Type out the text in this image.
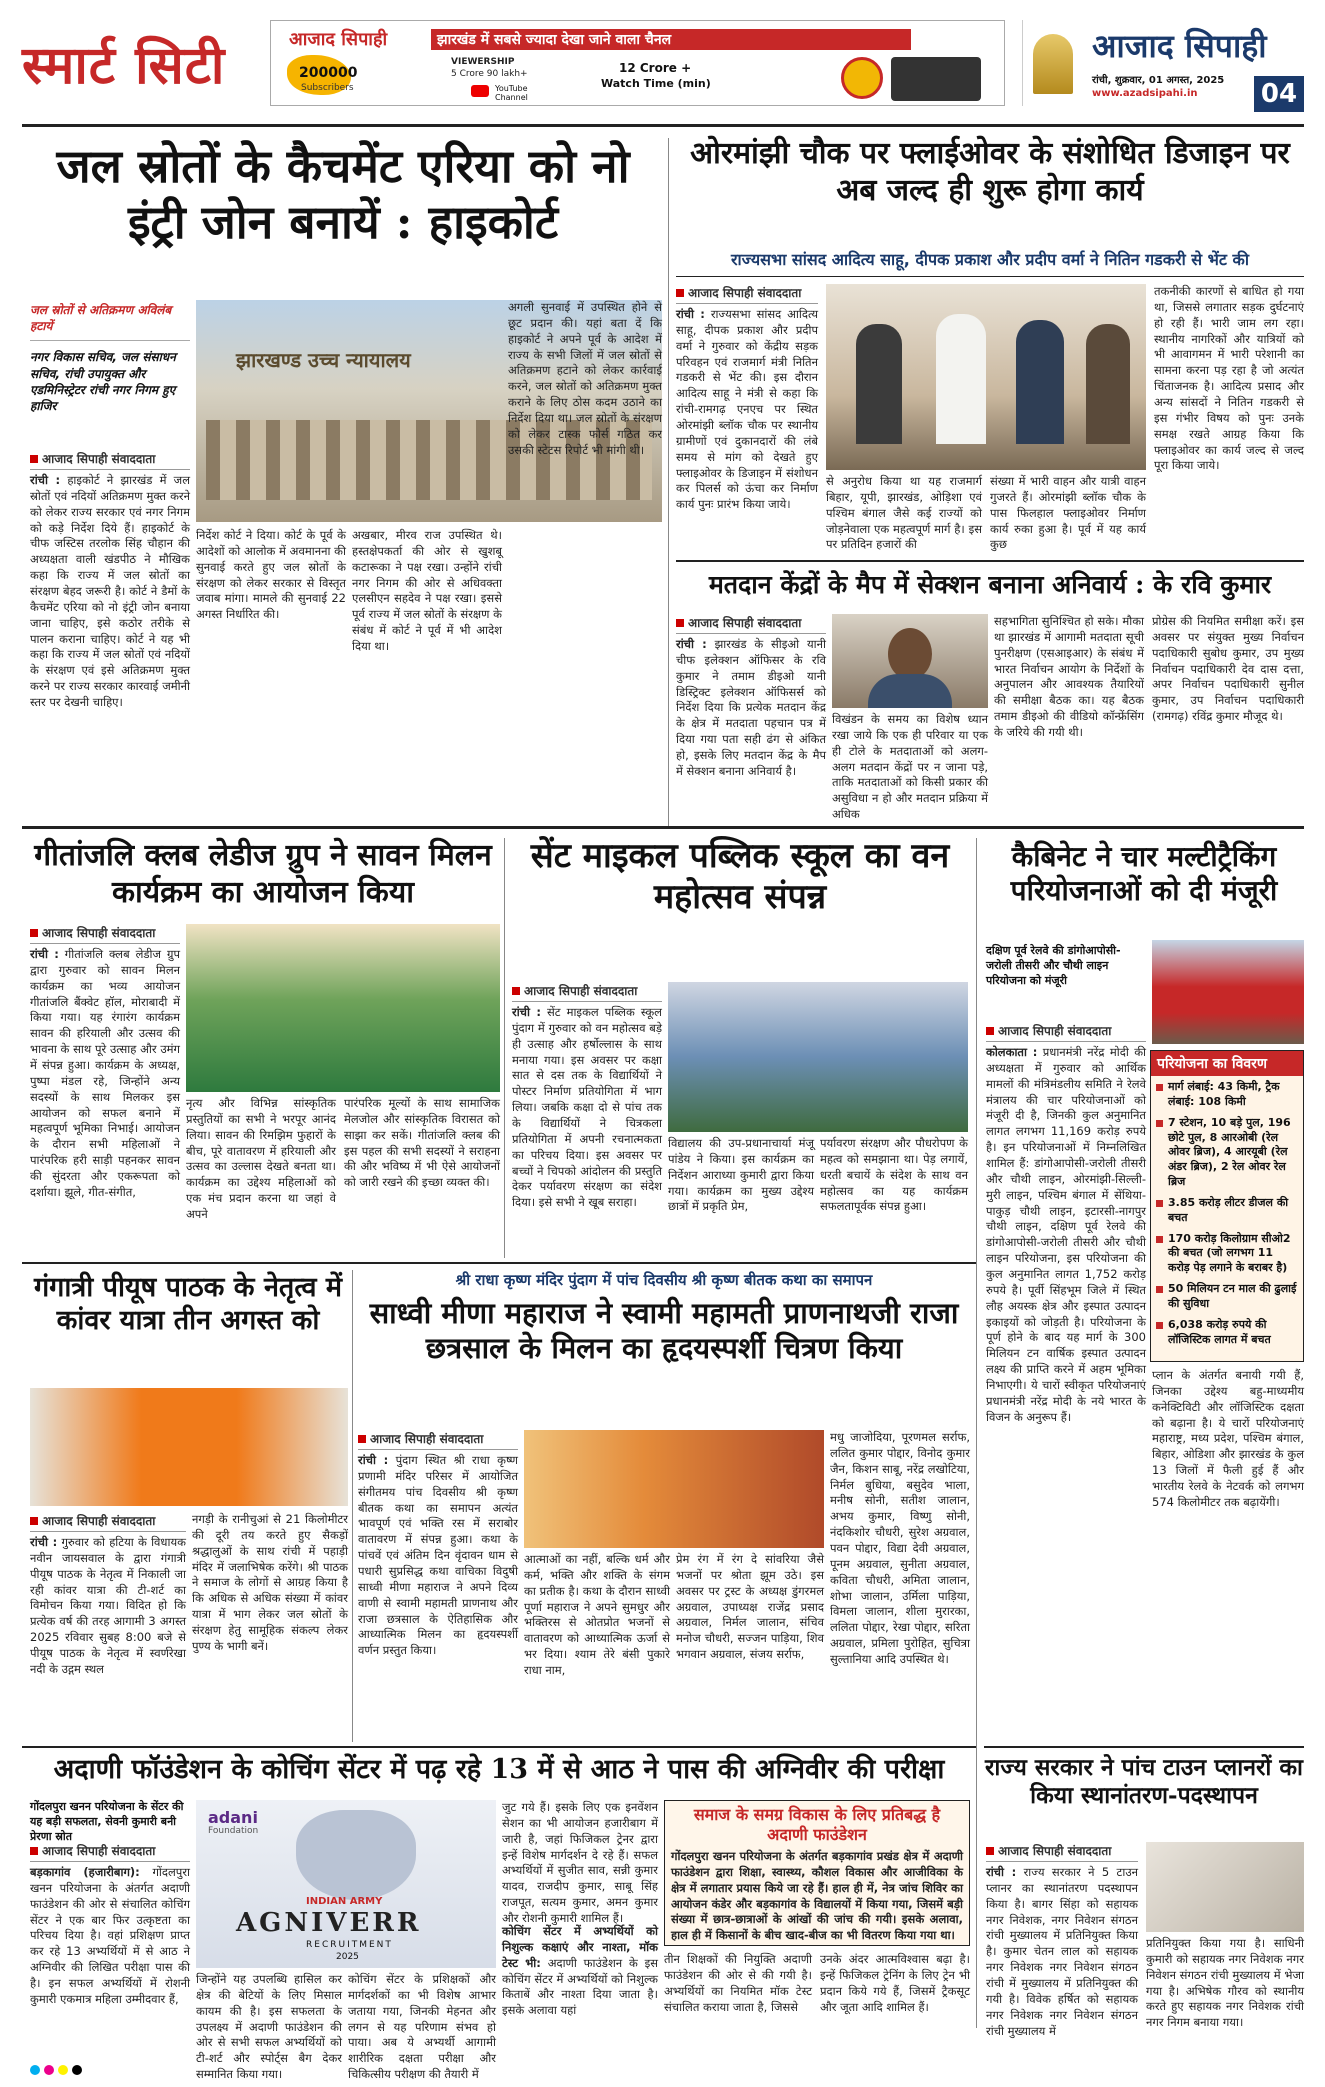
स्मार्ट सिटी	आजाद सिपाही	झारखंड में सबसे ज्यादा देखा जाने वाला चैनल
200000
Subscribers
VIEWERSHIP
5 Crore 90 lakh+
YouTube Channel
12 Crore +
Watch Time (min)
आजाद सिपाही
रांची, शुक्रवार, 01 अगस्त, 2025
www.azadsipahi.in 04
जल स्रोतों के कैचमेंट एरिया को नो इंट्री जोन बनायें : हाइकोर्ट
जल स्रोतों से अतिक्रमण अविलंब हटायें
नगर विकास सचिव, जल संसाधन सचिव, रांची उपायुक्त और एडमिनिस्ट्रेटर रांची नगर निगम हुए हाजिर
झारखण्ड उच्च न्यायालय
आजाद सिपाही संवाददाता
रांची : हाइकोर्ट ने झारखंड में जल स्रोतों एवं नदियों अतिक्रमण मुक्त करने को लेकर राज्य सरकार एवं नगर निगम को कड़े निर्देश दिये हैं। हाइकोर्ट के चीफ जस्टिस तरलोक सिंह चौहान की अध्यक्षता वाली खंडपीठ ने मौखिक कहा कि राज्य में जल स्रोतों का संरक्षण बेहद जरूरी है। कोर्ट ने डैमों के कैचमेंट एरिया को नो इंट्री जोन बनाया जाना चाहिए, इसे कठोर तरीके से पालन कराना चाहिए। कोर्ट ने यह भी कहा कि राज्य में जल स्रोतों एवं नदियों के संरक्षण एवं इसे अतिक्रमण मुक्त करने पर राज्य सरकार कारवाई जमीनी स्तर पर देखनी चाहिए।
निर्देश कोर्ट ने दिया। कोर्ट के पूर्व के आदेशों को आलोक में अवमानना की सुनवाई करते हुए जल स्रोतों के संरक्षण को लेकर सरकार से विस्तृत जवाब मांगा। मामले की सुनवाई 22 अगस्त निर्धारित की।
अखबार, मीरव राज उपस्थित थे। हस्तक्षेपकर्ता की ओर से खुशबू कटारूका ने पक्ष रखा। उन्होंने रांची नगर निगम की ओर से अधिवक्ता एलसीएन सहदेव ने पक्ष रखा। इससे पूर्व राज्य में जल स्रोतों के संरक्षण के संबंध में कोर्ट ने पूर्व में भी आदेश दिया था।
अगली सुनवाई में उपस्थित होने से छूट प्रदान की। यहां बता दें कि हाइकोर्ट ने अपने पूर्व के आदेश में राज्य के सभी जिलों में जल स्रोतों से अतिक्रमण हटाने को लेकर कार्रवाई करने, जल स्रोतों को अतिक्रमण मुक्त कराने के लिए ठोस कदम उठाने का निर्देश दिया था। जल स्रोतों के संरक्षण को लेकर टास्क फोर्स गठित कर उसकी स्टेटस रिपोर्ट भी मांगी थी।
ओरमांझी चौक पर फ्लाईओवर के संशोधित डिजाइन पर अब जल्द ही शुरू होगा कार्य
राज्यसभा सांसद आदित्य साहू, दीपक प्रकाश और प्रदीप वर्मा ने नितिन गडकरी से भेंट की
आजाद सिपाही संवाददाता
रांची : राज्यसभा सांसद आदित्य साहू, दीपक प्रकाश और प्रदीप वर्मा ने गुरुवार को केंद्रीय सड़क परिवहन एवं राजमार्ग मंत्री नितिन गडकरी से भेंट की। इस दौरान आदित्य साहू ने मंत्री से कहा कि रांची-रामगढ़ एनएच पर स्थित ओरमांझी ब्लॉक चौक पर स्थानीय ग्रामीणों एवं दुकानदारों की लंबे समय से मांग को देखते हुए फ्लाइओवर के डिजाइन में संशोधन कर पिलर्स को ऊंचा कर निर्माण कार्य पुनः प्रारंभ किया जाये।
से अनुरोध किया था यह राजमार्ग बिहार, यूपी, झारखंड, ओड़िशा एवं पश्चिम बंगाल जैसे कई राज्यों को जोड़नेवाला एक महत्वपूर्ण मार्ग है। इस पर प्रतिदिन हजारों की
संख्या में भारी वाहन और यात्री वाहन गुजरते हैं। ओरमांझी ब्लॉक चौक के पास फिलहाल फ्लाइओवर निर्माण कार्य रुका हुआ है। पूर्व में यह कार्य कुछ
तकनीकी कारणों से बाधित हो गया था, जिससे लगातार सड़क दुर्घटनाएं हो रही हैं। भारी जाम लग रहा। स्थानीय नागरिकों और यात्रियों को भी आवागमन में भारी परेशानी का सामना करना पड़ रहा है जो अत्यंत चिंताजनक है। आदित्य प्रसाद और अन्य सांसदों ने नितिन गडकरी से इस गंभीर विषय को पुनः उनके समक्ष रखते आग्रह किया कि फ्लाइओवर का कार्य जल्द से जल्द पूरा किया जाये।
मतदान केंद्रों के मैप में सेक्शन बनाना अनिवार्य : के रवि कुमार
आजाद सिपाही संवाददाता
रांची : झारखंड के सीइओ यानी चीफ इलेक्शन ऑफिसर के रवि कुमार ने तमाम डीइओ यानी डिस्ट्रिक्ट इलेक्शन ऑफिसर्स को निर्देश दिया कि प्रत्येक मतदान केंद्र के क्षेत्र में मतदाता पहचान पत्र में दिया गया पता सही ढंग से अंकित हो, इसके लिए मतदान केंद्र के मैप में सेक्शन बनाना अनिवार्य है।
विखंडन के समय का विशेष ध्यान रखा जाये कि एक ही परिवार या एक ही टोले के मतदाताओं को अलग-अलग मतदान केंद्रों पर न जाना पड़े, ताकि मतदाताओं को किसी प्रकार की असुविधा न हो और मतदान प्रक्रिया में अधिक
सहभागिता सुनिश्चित हो सके। मौका था झारखंड में आगामी मतदाता सूची पुनरीक्षण (एसआइआर) के संबंध में भारत निर्वाचन आयोग के निर्देशों के अनुपालन और आवश्यक तैयारियों की समीक्षा बैठक का। यह बैठक तमाम डीइओ की वीडियो कॉन्फ्रेंसिंग के जरिये की गयी थी।
प्रोग्रेस की नियमित समीक्षा करें। इस अवसर पर संयुक्त मुख्य निर्वाचन पदाधिकारी सुबोध कुमार, उप मुख्य निर्वाचन पदाधिकारी देव दास दत्ता, अपर निर्वाचन पदाधिकारी सुनील कुमार, उप निर्वाचन पदाधिकारी (रामगढ़) रविंद्र कुमार मौजूद थे।
गीतांजलि क्लब लेडीज ग्रुप ने सावन मिलन कार्यक्रम का आयोजन किया
आजाद सिपाही संवाददाता
रांची : गीतांजलि क्लब लेडीज ग्रुप द्वारा गुरुवार को सावन मिलन कार्यक्रम का भव्य आयोजन गीतांजलि बैंक्वेट हॉल, मोराबादी में किया गया। यह रंगारंग कार्यक्रम सावन की हरियाली और उत्सव की भावना के साथ पूरे उत्साह और उमंग में संपन्न हुआ। कार्यक्रम के अध्यक्ष, पुष्पा मंडल रहे, जिन्होंने अन्य सदस्यों के साथ मिलकर इस आयोजन को सफल बनाने में महत्वपूर्ण भूमिका निभाई। आयोजन के दौरान सभी महिलाओं ने पारंपरिक हरी साड़ी पहनकर सावन की सुंदरता और एकरूपता को दर्शाया। झूले, गीत-संगीत,
नृत्य और विभिन्न सांस्कृतिक प्रस्तुतियों का सभी ने भरपूर आनंद लिया। सावन की रिमझिम फुहारों के बीच, पूरे वातावरण में हरियाली और उत्सव का उल्लास देखते बनता था। कार्यक्रम का उद्देश्य महिलाओं को एक मंच प्रदान करना था जहां वे अपने
पारंपरिक मूल्यों के साथ सामाजिक मेलजोल और सांस्कृतिक विरासत को साझा कर सकें। गीतांजलि क्लब की इस पहल की सभी सदस्यों ने सराहना की और भविष्य में भी ऐसे आयोजनों को जारी रखने की इच्छा व्यक्त की।
सेंट माइकल पब्लिक स्कूल का वन महोत्सव संपन्न
आजाद सिपाही संवाददाता
रांची : सेंट माइकल पब्लिक स्कूल पुंदाग में गुरुवार को वन महोत्सव बड़े ही उत्साह और हर्षोल्लास के साथ मनाया गया। इस अवसर पर कक्षा सात से दस तक के विद्यार्थियों ने पोस्टर निर्माण प्रतियोगिता में भाग लिया। जबकि कक्षा दो से पांच तक के विद्यार्थियों ने चित्रकला प्रतियोगिता में अपनी रचनात्मकता का परिचय दिया। इस अवसर पर बच्चों ने चिपको आंदोलन की प्रस्तुति देकर पर्यावरण संरक्षण का संदेश दिया। इसे सभी ने खूब सराहा।
विद्यालय की उप-प्रधानाचार्या मंजू पांडेय ने किया। इस कार्यक्रम का निर्देशन आराध्या कुमारी द्वारा किया गया। कार्यक्रम का मुख्य उद्देश्य छात्रों में प्रकृति प्रेम,
पर्यावरण संरक्षण और पौधरोपण के महत्व को समझाना था। पेड़ लगायें, धरती बचायें के संदेश के साथ वन महोत्सव का यह कार्यक्रम सफलतापूर्वक संपन्न हुआ।
कैबिनेट ने चार मल्टीट्रैकिंग परियोजनाओं को दी मंजूरी
दक्षिण पूर्व रेलवे की डांगोआपोसी-जरोली तीसरी और चौथी लाइन परियोजना को मंजूरी
आजाद सिपाही संवाददाता
कोलकाता : प्रधानमंत्री नरेंद्र मोदी की अध्यक्षता में गुरुवार को आर्थिक मामलों की मंत्रिमंडलीय समिति ने रेलवे मंत्रालय की चार परियोजनाओं को मंजूरी दी है, जिनकी कुल अनुमानित लागत लगभग 11,169 करोड़ रुपये है। इन परियोजनाओं में निम्नलिखित शामिल हैं: डांगोआपोसी-जरोली तीसरी और चौथी लाइन, ओरमांझी-सिल्ली-मुरी लाइन, पश्चिम बंगाल में सेंथिया-पाकुड़ चौथी लाइन, इटारसी-नागपुर चौथी लाइन, दक्षिण पूर्व रेलवे की डांगोआपोसी-जरोली तीसरी और चौथी लाइन परियोजना, इस परियोजना की कुल अनुमानित लागत 1,752 करोड़ रुपये है। पूर्वी सिंहभूम जिले में स्थित लौह अयस्क क्षेत्र और इस्पात उत्पादन इकाइयों को जोड़ती है। परियोजना के पूर्ण होने के बाद यह मार्ग के 300 मिलियन टन वार्षिक इस्पात उत्पादन लक्ष्य की प्राप्ति करने में अहम भूमिका निभाएगी। ये चारों स्वीकृत परियोजनाएं प्रधानमंत्री नरेंद्र मोदी के नये भारत के विजन के अनुरूप हैं।
परियोजना का विवरण
मार्ग लंबाई: 43 किमी, ट्रैक लंबाई: 108 किमी
7 स्टेशन, 10 बड़े पुल, 196 छोटे पुल, 8 आरओबी (रेल ओवर ब्रिज), 4 आरयूबी (रेल अंडर ब्रिज), 2 रेल ओवर रेल ब्रिज
3.85 करोड़ लीटर डीजल की बचत
170 करोड़ किलोग्राम सीओ2 की बचत (जो लगभग 11 करोड़ पेड़ लगाने के बराबर है)
50 मिलियन टन माल की ढुलाई की सुविधा
6,038 करोड़ रुपये की लॉजिस्टिक लागत में बचत
प्लान के अंतर्गत बनायी गयी हैं, जिनका उद्देश्य बहु-माध्यमीय कनेक्टिविटी और लॉजिस्टिक दक्षता को बढ़ाना है। ये चारों परियोजनाएं महाराष्ट्र, मध्य प्रदेश, पश्चिम बंगाल, बिहार, ओडिशा और झारखंड के कुल 13 जिलों में फैली हुई हैं और भारतीय रेलवे के नेटवर्क को लगभग 574 किलोमीटर तक बढ़ायेंगी।
गंगात्री पीयूष पाठक के नेतृत्व में कांवर यात्रा तीन अगस्त को
आजाद सिपाही संवाददाता
रांची : गुरुवार को हटिया के विधायक नवीन जायसवाल के द्वारा गंगात्री पीयूष पाठक के नेतृत्व में निकाली जा रही कांवर यात्रा की टी-शर्ट का विमोचन किया गया। विदित हो कि प्रत्येक वर्ष की तरह आगामी 3 अगस्त 2025 रविवार सुबह 8:00 बजे से पीयूष पाठक के नेतृत्व में स्वर्णरेखा नदी के उद्गम स्थल
नगड़ी के रानीचुआं से 21 किलोमीटर की दूरी तय करते हुए सैकड़ों श्रद्धालुओं के साथ रांची में पहाड़ी मंदिर में जलाभिषेक करेंगे। श्री पाठक ने समाज के लोगों से आग्रह किया है कि अधिक से अधिक संख्या में कांवर यात्रा में भाग लेकर जल स्रोतों के संरक्षण हेतु सामूहिक संकल्प लेकर पुण्य के भागी बनें।
श्री राधा कृष्ण मंदिर पुंदाग में पांच दिवसीय श्री कृष्ण बीतक कथा का समापन
साध्वी मीणा महाराज ने स्वामी महामती प्राणनाथजी राजा छत्रसाल के मिलन का हृदयस्पर्शी चित्रण किया
आजाद सिपाही संवाददाता
रांची : पुंदाग स्थित श्री राधा कृष्ण प्रणामी मंदिर परिसर में आयोजित संगीतमय पांच दिवसीय श्री कृष्ण बीतक कथा का समापन अत्यंत भावपूर्ण एवं भक्ति रस में सराबोर वातावरण में संपन्न हुआ। कथा के पांचवें एवं अंतिम दिन वृंदावन धाम से पधारी सुप्रसिद्ध कथा वाचिका विदुषी साध्वी मीणा महाराज ने अपने दिव्य वाणी से स्वामी महामती प्राणनाथ और राजा छत्रसाल के ऐतिहासिक और आध्यात्मिक मिलन का हृदयस्पर्शी वर्णन प्रस्तुत किया।
आत्माओं का नहीं, बल्कि धर्म और कर्म, भक्ति और शक्ति के संगम का प्रतीक है। कथा के दौरान साध्वी पूर्णा महाराज ने अपने सुमधुर और भक्तिरस से ओतप्रोत भजनों से वातावरण को आध्यात्मिक ऊर्जा से भर दिया। श्याम तेरे बंसी पुकारे राधा नाम,
प्रेम रंग में रंग दे सांवरिया जैसे भजनों पर श्रोता झूम उठे। इस अवसर पर ट्रस्ट के अध्यक्ष डुंगरमल अग्रवाल, उपाध्यक्ष राजेंद्र प्रसाद अग्रवाल, निर्मल जालान, संचिव मनोज चौधरी, सज्जन पाड़िया, शिव भगवान अग्रवाल, संजय सर्राफ,
मधु जाजोदिया, पूरणमल सर्राफ, ललित कुमार पोद्दार, विनोद कुमार जैन, किशन साबू, नरेंद्र लखोटिया, निर्मल बुधिया, बसुदेव भाला, मनीष सोनी, सतीश जालान, अभय कुमार, विष्णु सोनी, नंदकिशोर चौधरी, सुरेश अग्रवाल, पवन पोद्दार, विद्या देवी अग्रवाल, पूनम अग्रवाल, सुनीता अग्रवाल, कविता चौधरी, अमिता जालान, शोभा जालान, उर्मिला पाड़िया, विमला जालान, शीला मुरारका, ललिता पोद्दार, रेखा पोद्दार, सरिता अग्रवाल, प्रमिला पुरोहित, सुचित्रा सुल्तानिया आदि उपस्थित थे।
अदाणी फॉउंडेशन के कोचिंग सेंटर में पढ़ रहे 13 में से आठ ने पास की अग्निवीर की परीक्षा
गोंदलपुरा खनन परियोजना के सेंटर की यह बड़ी सफलता, सेवनी कुमारी बनी प्रेरणा स्रोत
adani
Foundation
INDIAN ARMY
AGNIVERR
RECRUITMENT
2025
आजाद सिपाही संवाददाता
बड़कागांव (हजारीबाग): गोंदलपुरा खनन परियोजना के अंतर्गत अदाणी फाउंडेशन की ओर से संचालित कोचिंग सेंटर ने एक बार फिर उत्कृष्टता का परिचय दिया है। वहां प्रशिक्षण प्राप्त कर रहे 13 अभ्यर्थियों में से आठ ने अग्निवीर की लिखित परीक्षा पास की है। इन सफल अभ्यर्थियों में रोशनी कुमारी एकमात्र महिला उम्मीदवार हैं,
जिन्होंने यह उपलब्धि हासिल कर क्षेत्र की बेटियों के लिए मिसाल कायम की है। इस सफलता के उपलक्ष्य में अदाणी फाउंडेशन की ओर से सभी सफल अभ्यर्थियों को टी-शर्ट और स्पोर्ट्स बैग देकर सम्मानित किया गया।
कोचिंग सेंटर के प्रशिक्षकों और मार्गदर्शकों का भी विशेष आभार जताया गया, जिनकी मेहनत और लगन से यह परिणाम संभव हो पाया। अब ये अभ्यर्थी आगामी शारीरिक दक्षता परीक्षा और चिकित्सीय परीक्षण की तैयारी में
जुट गये हैं। इसके लिए एक इनवेंशन सेशन का भी आयोजन हजारीबाग में जारी है, जहां फिजिकल ट्रेनर द्वारा इन्हें विशेष मार्गदर्शन दे रहे हैं। सफल अभ्यर्थियों में सुजीत साव, सन्नी कुमार यादव, राजदीप कुमार, साबू सिंह राजपूत, सत्यम कुमार, अमन कुमार और रोशनी कुमारी शामिल हैं।
कोचिंग सेंटर में अभ्यर्थियों को निशुल्क कक्षाएं और नाश्ता, मॉक टेस्ट भी: अदाणी फाउंडेशन के इस कोचिंग सेंटर में अभ्यर्थियों को निशुल्क किताबें और नाश्ता दिया जाता है। इसके अलावा यहां
समाज के समग्र विकास के लिए प्रतिबद्ध है अदाणी फाउंडेशन
गोंदलपुरा खनन परियोजना के अंतर्गत बड़कागांव प्रखंड क्षेत्र में अदाणी फाउंडेशन द्वारा शिक्षा, स्वास्थ्य, कौशल विकास और आजीविका के क्षेत्र में लगातार प्रयास किये जा रहे हैं। हाल ही में, नेत्र जांच शिविर का आयोजन कंडेर और बड़कागांव के विद्यालयों में किया गया, जिसमें बड़ी संख्या में छात्र-छात्राओं के आंखों की जांच की गयी। इसके अलावा, हाल ही में किसानों के बीच खाद-बीज का भी वितरण किया गया था।
तीन शिक्षकों की नियुक्ति अदाणी फाउंडेशन की ओर से की गयी है। अभ्यर्थियों का नियमित मॉक टेस्ट संचालित कराया जाता है, जिससे
उनके अंदर आत्मविश्वास बढ़ा है। इन्हें फिजिकल ट्रेनिंग के लिए ट्रेन भी प्रदान किये गये हैं, जिसमें ट्रैकसूट और जूता आदि शामिल हैं।
राज्य सरकार ने पांच टाउन प्लानरों का किया स्थानांतरण-पदस्थापन
आजाद सिपाही संवाददाता
रांची : राज्य सरकार ने 5 टाउन प्लानर का स्थानांतरण पदस्थापन किया है। बागर सिंहा को सहायक नगर निवेशक, नगर निवेशन संगठन रांची मुख्यालय में प्रतिनियुक्त किया है। कुमार चेतन लाल को सहायक नगर निवेशक नगर निवेशन संगठन रांची में मुख्यालय में प्रतिनियुक्त की गयी है। विवेक हर्षित को सहायक नगर निवेशक नगर निवेशन संगठन रांची मुख्यालय में
प्रतिनियुक्त किया गया है। साधिनी कुमारी को सहायक नगर निवेशक नगर निवेशन संगठन रांची मुख्यालय में भेजा गया है। अभिषेक गौरव को स्थानीय करते हुए सहायक नगर निवेशक रांची नगर निगम बनाया गया।
